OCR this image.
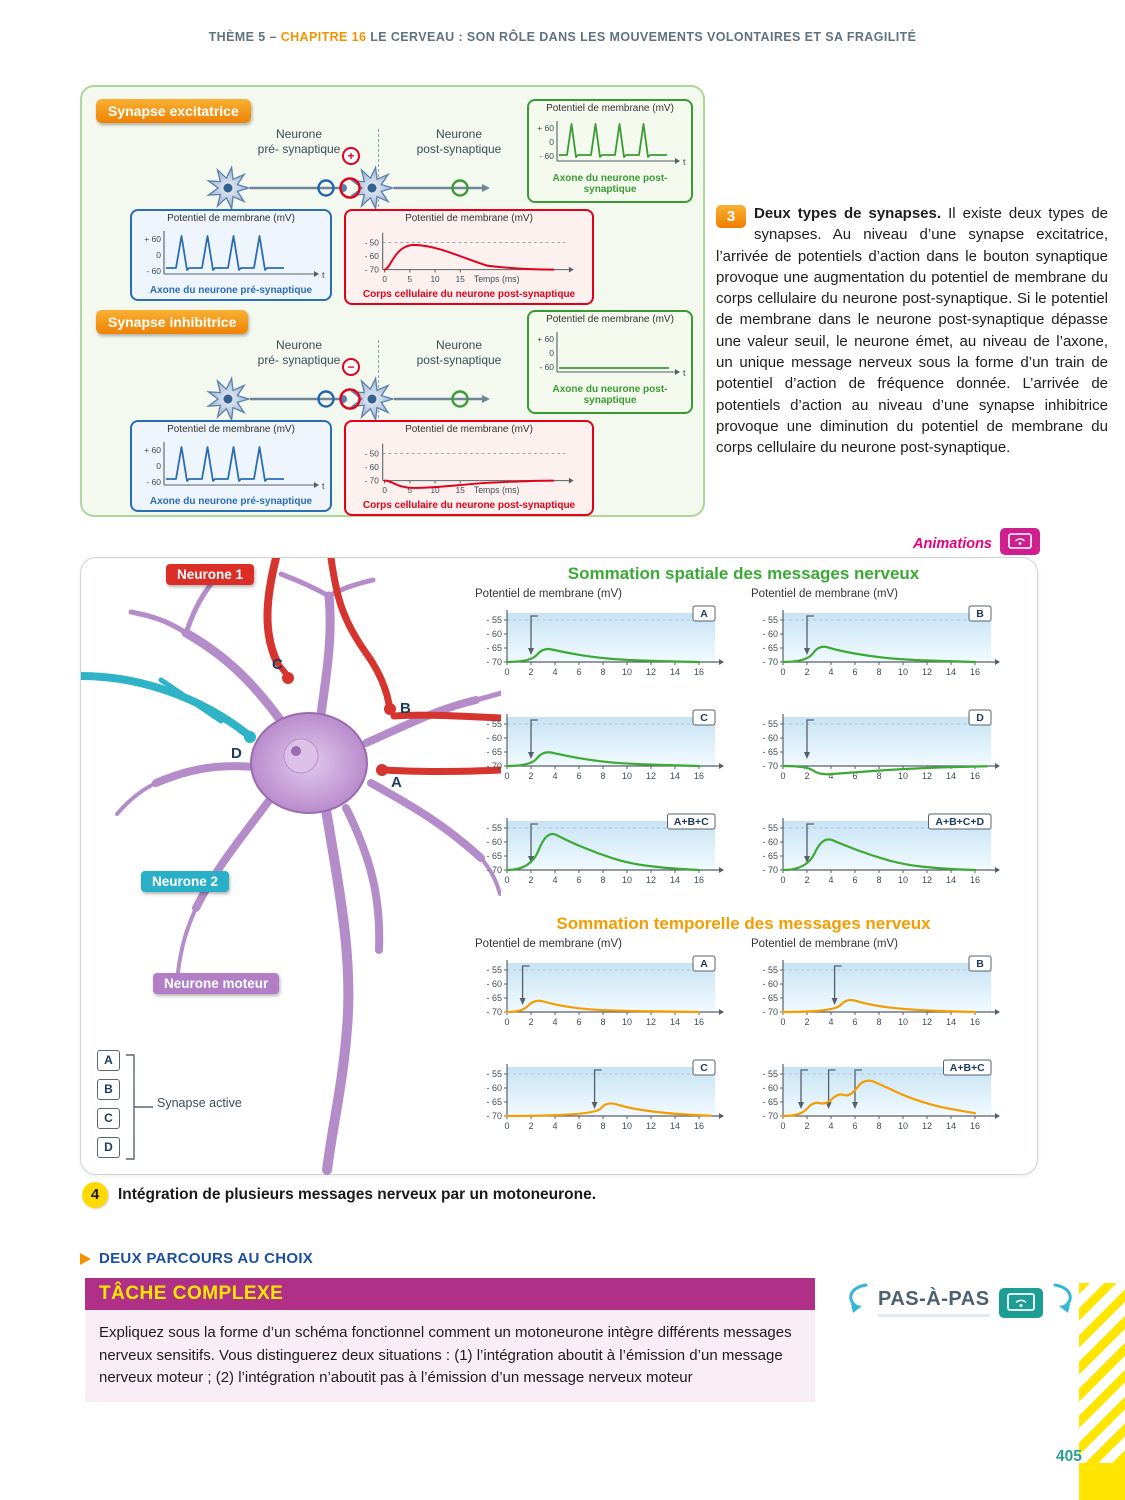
THÈME 5 – CHAPITRE 16 LE CERVEAU : SON RÔLE DANS LES MOUVEMENTS VOLONTAIRES ET SA FRAGILITÉ
Synapse excitatrice
Neurone
pré- synaptique
Neurone
post-synaptique
+
Potentiel de membrane (mV)
+ 60
0
- 60	t
Axone du neurone pré-synaptique
Potentiel de membrane (mV)
- 50
- 60
- 70
0 5 10 15 Temps (ms)
Corps cellulaire du neurone post-synaptique
Potentiel de membrane (mV)
+ 60
0
- 60
t
Axone du neurone post-synaptique
Synapse inhibitrice
Neurone
pré- synaptique
Neurone
post-synaptique
−
Potentiel de membrane (mV)
+ 60
0
- 60	t
Axone du neurone pré-synaptique
Potentiel de membrane (mV)
- 50
- 60
- 70
0 5 10 15 Temps (ms)
Corps cellulaire du neurone post-synaptique
Potentiel de membrane (mV)
+ 60
0
- 60
t
Axone du neurone post-synaptique
3	Deux types de synapses. Il existe deux types de synapses. Au niveau d’une synapse excitatrice, l’arrivée de potentiels d’action dans le bouton synaptique provoque une augmentation du potentiel de membrane du corps cellulaire du neurone post-synaptique. Si le potentiel de membrane dans le neurone post-synaptique dépasse une valeur seuil, le neurone émet, au niveau de l’axone, un unique message nerveux sous la forme d’un train de potentiel d’action de fréquence donnée. L’arrivée de potentiels d’action au niveau d’une synapse inhibitrice provoque une diminution du potentiel de membrane du corps cellulaire du neurone post-synaptique.
Animations
C
B
A
D
Neurone 1
Neurone 2
Neurone moteur
Synapse active
A
B
C
D
Sommation spatiale des messages nerveux
Potentiel de membrane (mV)	Potentiel de membrane (mV)
Sommation temporelle des messages nerveux
Potentiel de membrane (mV)	Potentiel de membrane (mV)
- 55
- 60
- 65
- 70
0 2 4 6 8 10 12 14 16
A	- 55
- 60
- 65
- 70
0 2 4 6 8 10 12 14 16
B
- 55
- 60
- 65
- 70
0 2 4 6 8 10 12 14 16
C	- 55
- 60
- 65
- 70
0 2 4 6 8 10 12 14 16
D
- 55
- 60
- 65
- 70
0 2 4 6 8 10 12 14 16
A+B+C	- 55
- 60
- 65
- 70
0 2 4 6 8 10 12 14 16
A+B+C+D
- 55
- 60
- 65
- 70
0 2 4 6 8 10 12 14 16
A	- 55
- 60
- 65
- 70
0 2 4 6 8 10 12 14 16
B
- 55
- 60
- 65
- 70
0 2 4 6 8 10 12 14 16
C	- 55
- 60
- 65
- 70
0 2 4 6 8 10 12 14 16
A+B+C
4	Intégration de plusieurs messages nerveux par un motoneurone.
DEUX PARCOURS AU CHOIX
TÂCHE COMPLEXE
Expliquez sous la forme d’un schéma fonctionnel comment un motoneurone intègre différents messages nerveux sensitifs. Vous distinguerez deux situations : (1) l’intégration aboutit à l’émission d’un message nerveux moteur ; (2) l’intégration n’aboutit pas à l’émission d’un message nerveux moteur
PAS-À-PAS
405
